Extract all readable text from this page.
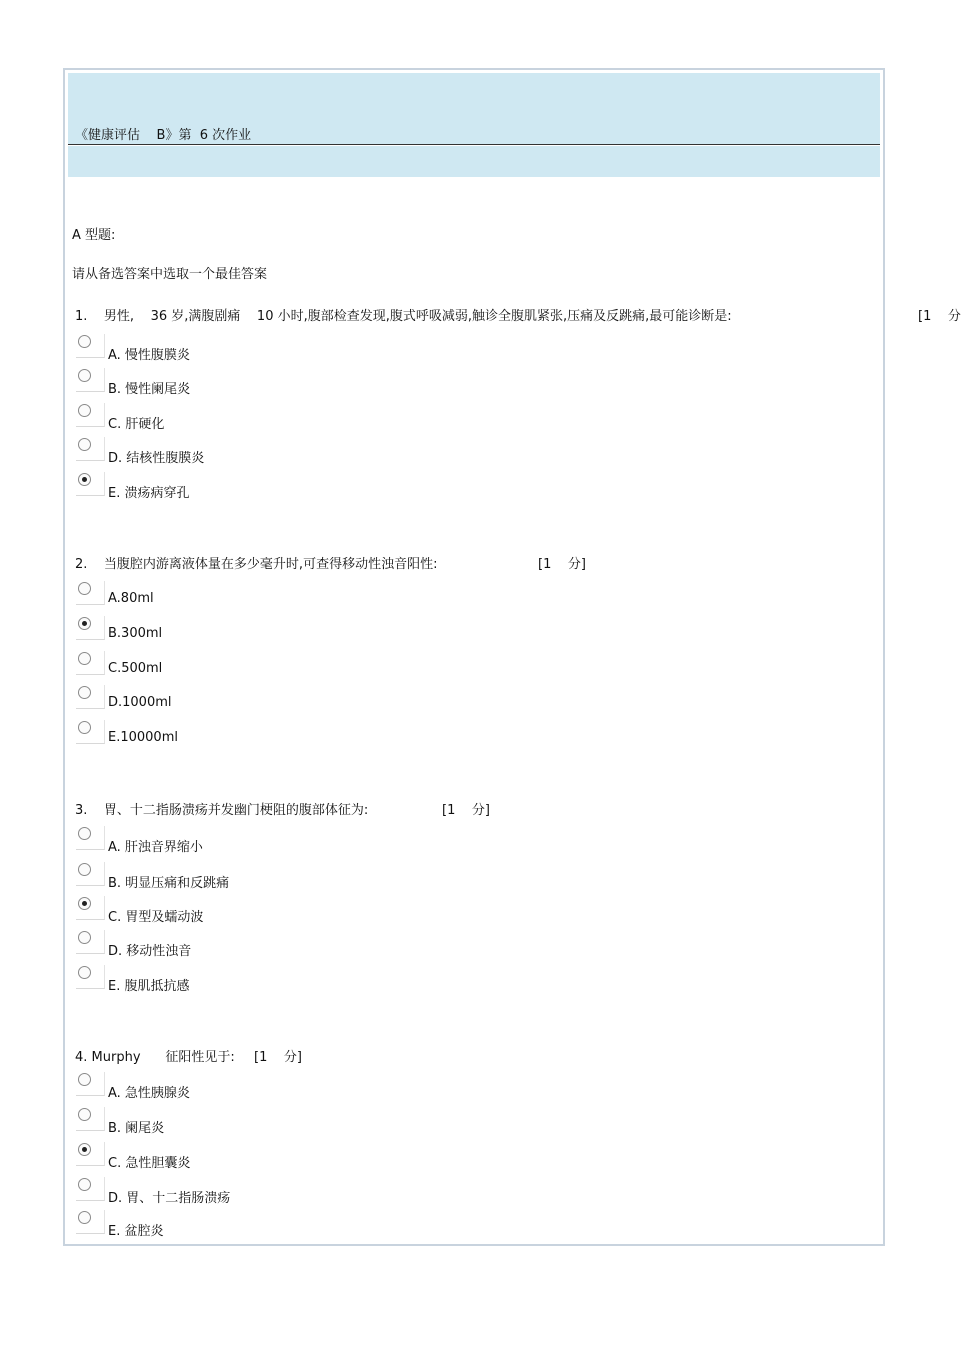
《健康评估    B》第  6 次作业
A 型题:
请从备选答案中选取一个最佳答案
1.    男性,    36 岁,满腹剧痛    10 小时,腹部检查发现,腹式呼吸减弱,触诊全腹肌紧张,压痛及反跳痛,最可能诊断是:	[1    分
A. 慢性腹膜炎
B. 慢性阑尾炎
C. 肝硬化
D. 结核性腹膜炎
E. 溃疡病穿孔
2.    当腹腔内游离液体量在多少毫升时,可查得移动性浊音阳性:	[1    分]
A.80ml
B.300ml
C.500ml
D.1000ml
E.10000ml
3.    胃、十二指肠溃疡并发幽门梗阻的腹部体征为:	[1    分]
A. 肝浊音界缩小
B. 明显压痛和反跳痛
C. 胃型及蠕动波
D. 移动性浊音
E. 腹肌抵抗感
4. Murphy      征阳性见于: [1    分]
A. 急性胰腺炎
B. 阑尾炎
C. 急性胆囊炎
D. 胃、十二指肠溃疡
E. 盆腔炎
